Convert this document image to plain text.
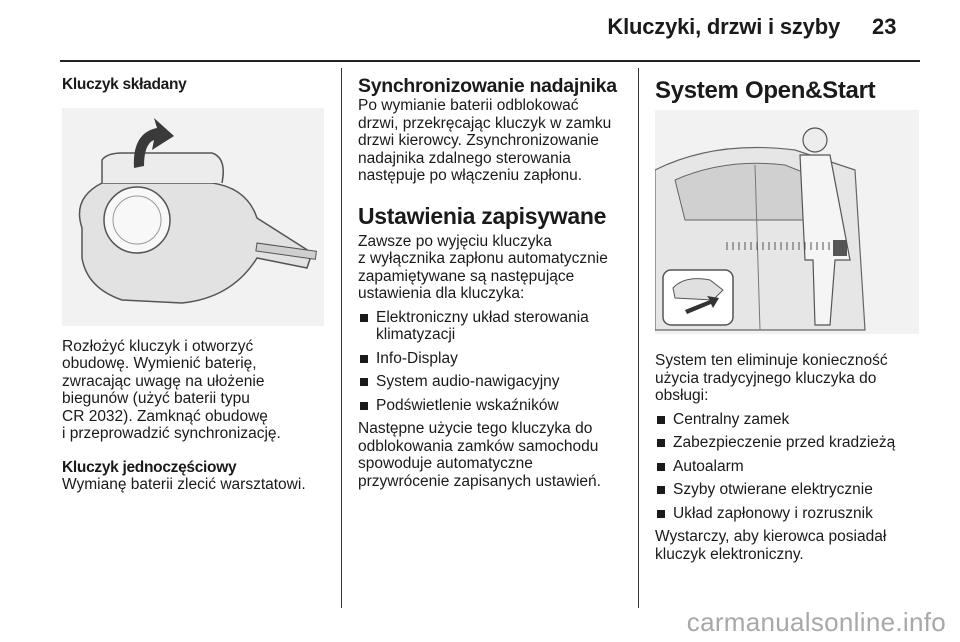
Kluczyki, drzwi i szyby 23
Kluczyk składany

Rozłożyć kluczyk i otworzyć
obudowę. Wymienić baterię,
zwracając uwagę na ułożenie
biegunów (użyć baterii typu
CR 2032). Zamknąć obudowę
i przeprowadzić synchronizację.

Kluczyk jednoczęściowy

Wymianę baterii zlecić warsztatowi.

Synchronizowanie nadajnika

Po wymianie baterii odblokować
drzwi, przekręcając kluczyk w zamku
drzwi kierowcy. Zsynchronizowanie
nadajnika zdalnego sterowania
następuje po włączeniu zapłonu.

Ustawienia zapisywane

Zawsze po wyjęciu kluczyka
z wyłącznika zapłonu automatycznie
zapamiętywane są następujące
ustawienia dla kluczyka:

Elektroniczny układ sterowania
klimatyzacji
Info-Display
System audio-nawigacyjny
Podświetlenie wskaźników

Następne użycie tego kluczyka do
odblokowania zamków samochodu
spowoduje automatyczne
przywrócenie zapisanych ustawień.

System Open&Start

System ten eliminuje konieczność
użycia tradycyjnego kluczyka do
obsługi:

Centralny zamek
Zabezpieczenie przed kradzieżą
Autoalarm
Szyby otwierane elektrycznie
Układ zapłonowy i rozrusznik

Wystarczy, aby kierowca posiadał
kluczyk elektroniczny.

carmanualsonline.info
